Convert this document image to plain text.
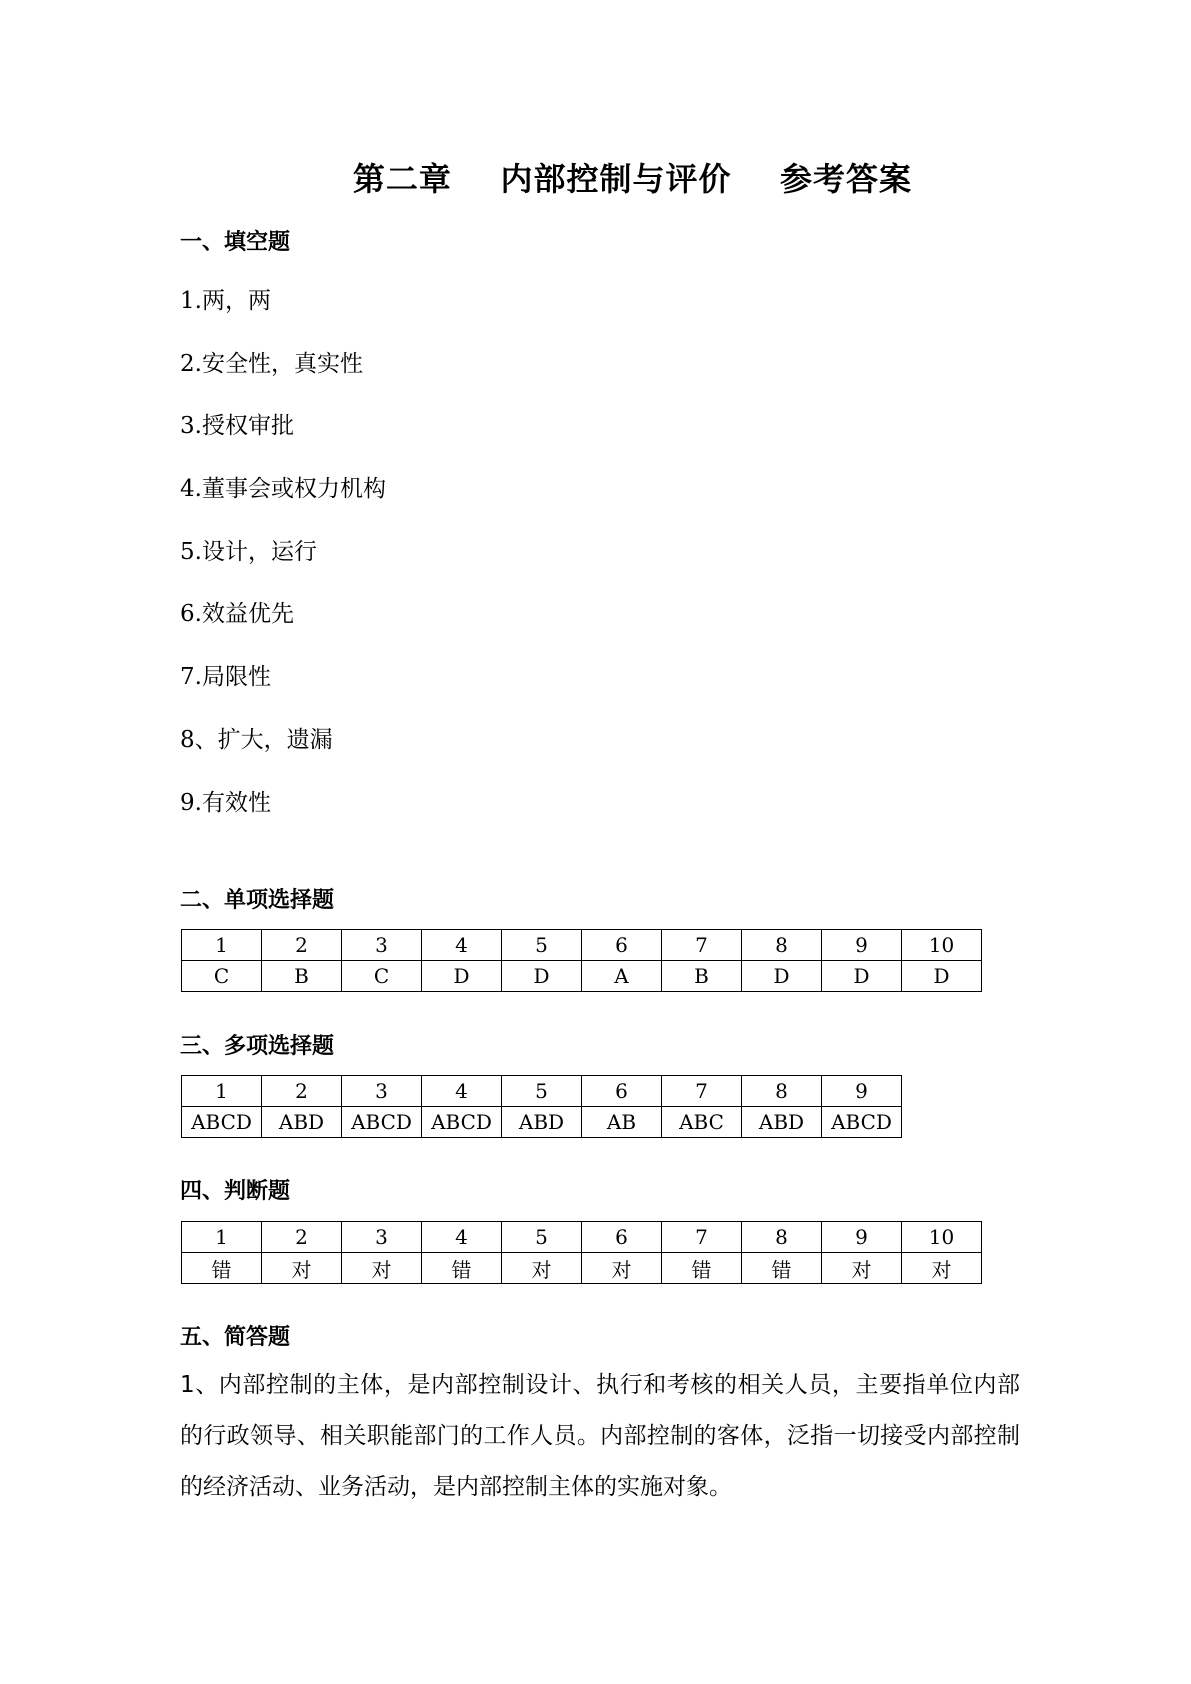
第二章    内部控制与评价    参考答案
一、填空题
1.两，两
2.安全性，真实性
3.授权审批
4.董事会或权力机构
5.设计，运行
6.效益优先
7.局限性
8、扩大，遗漏
9.有效性
二、单项选择题
1	2	3	4	5	6	7	8	9	10
C	B	C	D	D	A	B	D	D	D
三、多项选择题
1	2	3	4	5	6	7	8	9
ABCD	ABD	ABCD	ABCD	ABD	AB	ABC	ABD	ABCD
四、判断题
1	2	3	4	5	6	7	8	9	10
错	对	对	错	对	对	错	错	对	对
五、简答题

1、内部控制的主体，是内部控制设计、执行和考核的相关人员，主要指单位内部的行政领导、相关职能部门的工作人员。内部控制的客体，泛指一切接受内部控制的经济活动、业务活动，是内部控制主体的实施对象。
